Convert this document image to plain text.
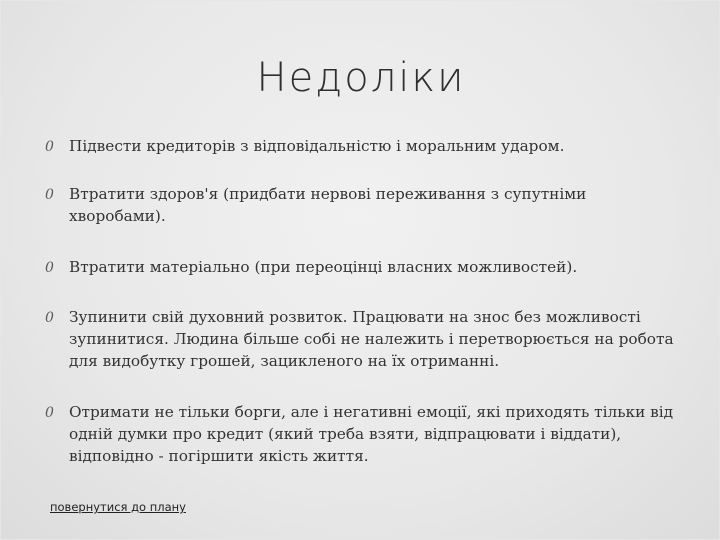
Недоліки
0 Підвести кредиторів з відповідальністю і моральним ударом.
0 Втратити здоров'я (придбати нервові переживання з супутніми хворобами).
0 Втратити матеріально (при переоцінці власних можливостей).
0 Зупинити свій духовний розвиток. Працювати на знос без можливості зупинитися. Людина більше собі не належить і перетворюється на робота для видобутку грошей, зацикленого на їх отриманні.
0 Отримати не тільки борги, але і негативні емоції, які приходять тільки від одній думки про кредит (який треба взяти, відпрацювати і віддати), відповідно - погіршити якість життя.
повернутися до плану
